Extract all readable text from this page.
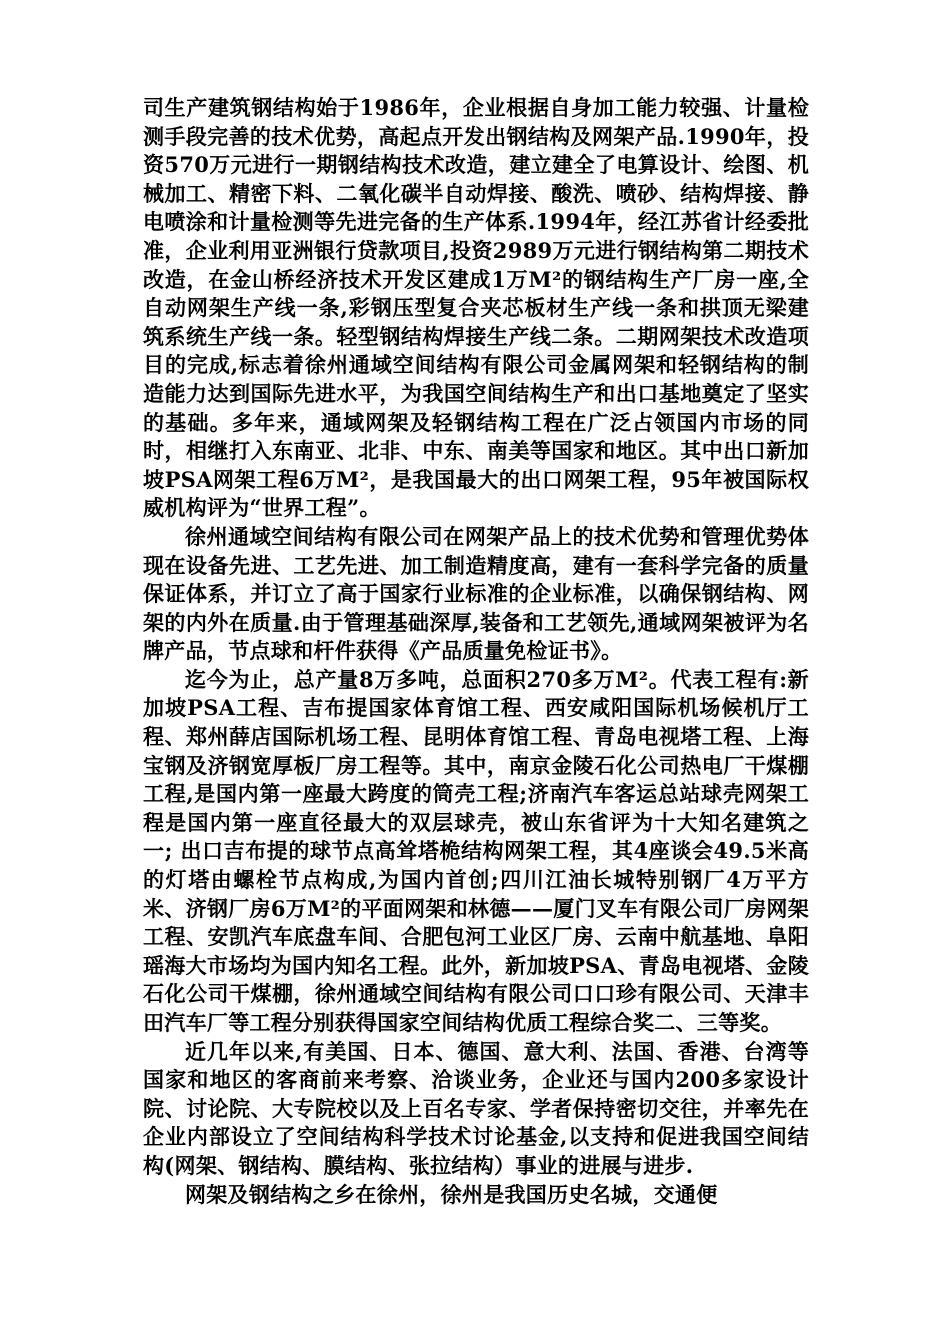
司生产建筑钢结构始于1986年，企业根据自身加工能力较强、计量检测手段完善的技术优势，高起点开发出钢结构及网架产品.1990年，投资570万元进行一期钢结构技术改造，建立建全了电算设计、绘图、机械加工、精密下料、二氧化碳半自动焊接、酸洗、喷砂、结构焊接、静电喷涂和计量检测等先进完备的生产体系.1994年，经江苏省计经委批准，企业利用亚洲银行贷款项目,投资2989万元进行钢结构第二期技术改造，在金山桥经济技术开发区建成1万M²的钢结构生产厂房一座,全自动网架生产线一条,彩钢压型复合夹芯板材生产线一条和拱顶无梁建筑系统生产线一条。轻型钢结构焊接生产线二条。二期网架技术改造项目的完成,标志着徐州通域空间结构有限公司金属网架和轻钢结构的制造能力达到国际先进水平，为我国空间结构生产和出口基地奠定了坚实的基础。多年来，通域网架及轻钢结构工程在广泛占领国内市场的同时，相继打入东南亚、北非、中东、南美等国家和地区。其中出口新加坡PSA网架工程6万M²，是我国最大的出口网架工程，95年被国际权威机构评为“世界工程”。

徐州通域空间结构有限公司在网架产品上的技术优势和管理优势体现在设备先进、工艺先进、加工制造精度高，建有一套科学完备的质量保证体系，并订立了高于国家行业标准的企业标准，以确保钢结构、网架的内外在质量.由于管理基础深厚,装备和工艺领先,通域网架被评为名牌产品，节点球和杆件获得《产品质量免检证书》。

迄今为止，总产量8万多吨，总面积270多万M²。代表工程有:新加坡PSA工程、吉布提国家体育馆工程、西安咸阳国际机场候机厅工程、郑州薛店国际机场工程、昆明体育馆工程、青岛电视塔工程、上海宝钢及济钢宽厚板厂房工程等。其中，南京金陵石化公司热电厂干煤棚工程,是国内第一座最大跨度的筒壳工程;济南汽车客运总站球壳网架工程是国内第一座直径最大的双层球壳，被山东省评为十大知名建筑之一; 出口吉布提的球节点高耸塔桅结构网架工程，其4座谈会49.5米高的灯塔由螺栓节点构成,为国内首创;四川江油长城特别钢厂4万平方米、济钢厂房6万M²的平面网架和林德——厦门叉车有限公司厂房网架工程、安凯汽车底盘车间、合肥包河工业区厂房、云南中航基地、阜阳瑶海大市场均为国内知名工程。此外，新加坡PSA、青岛电视塔、金陵石化公司干煤棚，徐州通域空间结构有限公司口口珍有限公司、天津丰田汽车厂等工程分别获得国家空间结构优质工程综合奖二、三等奖。

近几年以来,有美国、日本、德国、意大利、法国、香港、台湾等国家和地区的客商前来考察、洽谈业务，企业还与国内200多家设计院、讨论院、大专院校以及上百名专家、学者保持密切交往，并率先在企业内部设立了空间结构科学技术讨论基金,以支持和促进我国空间结构(网架、钢结构、膜结构、张拉结构）事业的进展与进步.

网架及钢结构之乡在徐州，徐州是我国历史名城，交通便
